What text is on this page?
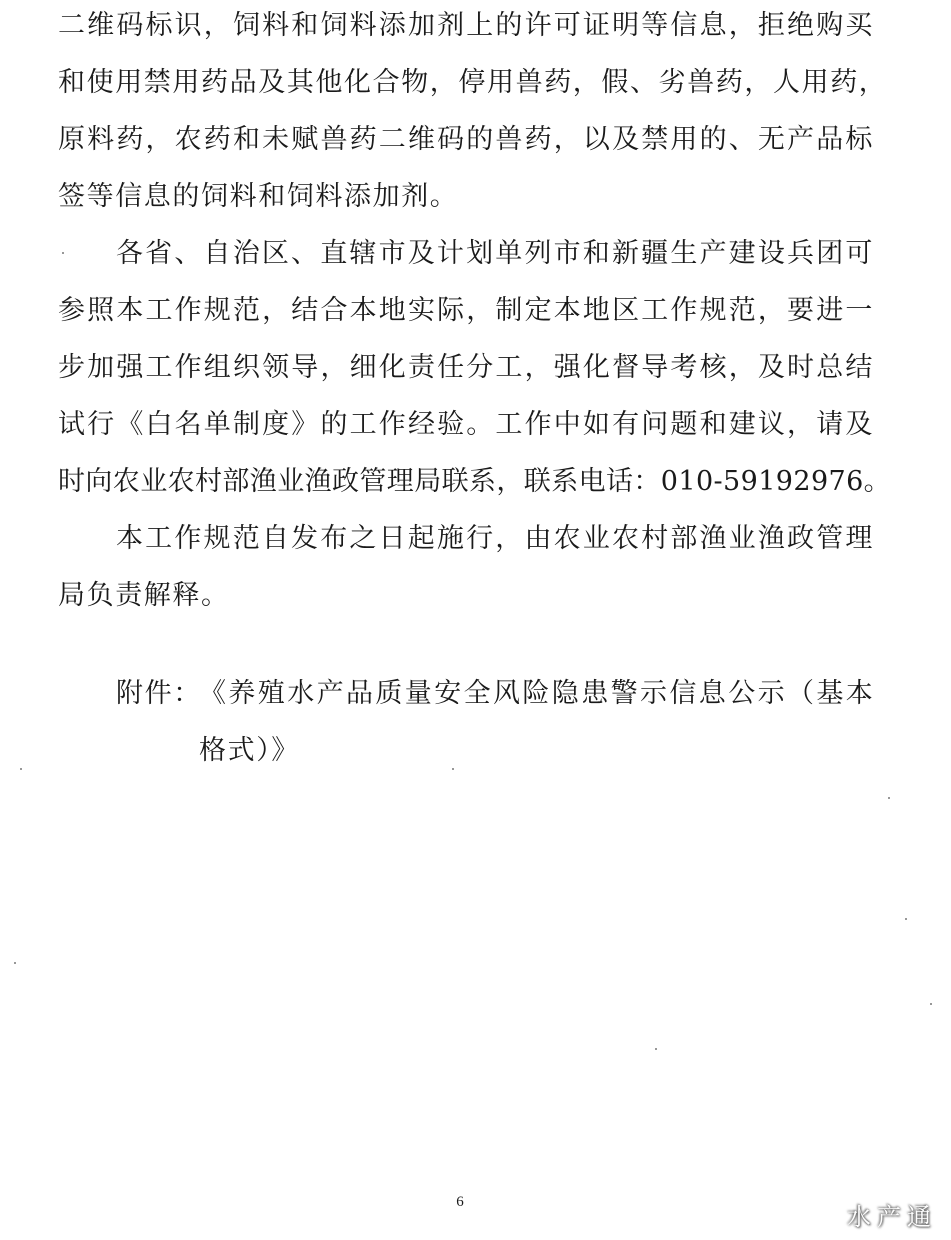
二维码标识，饲料和饲料添加剂上的许可证明等信息，拒绝购买
和使用禁用药品及其他化合物，停用兽药，假、劣兽药，人用药，
原料药，农药和未赋兽药二维码的兽药，以及禁用的、无产品标
签等信息的饲料和饲料添加剂。
各省、自治区、直辖市及计划单列市和新疆生产建设兵团可
参照本工作规范，结合本地实际，制定本地区工作规范，要进一
步加强工作组织领导，细化责任分工，强化督导考核，及时总结
试行《白名单制度》的工作经验。工作中如有问题和建议，请及
时向农业农村部渔业渔政管理局联系，联系电话：010-59192976。
本工作规范自发布之日起施行，由农业农村部渔业渔政管理
局负责解释。
附件：
《养殖水产品质量安全风险隐患警示信息公示（基本
格式）》
6
水产通
